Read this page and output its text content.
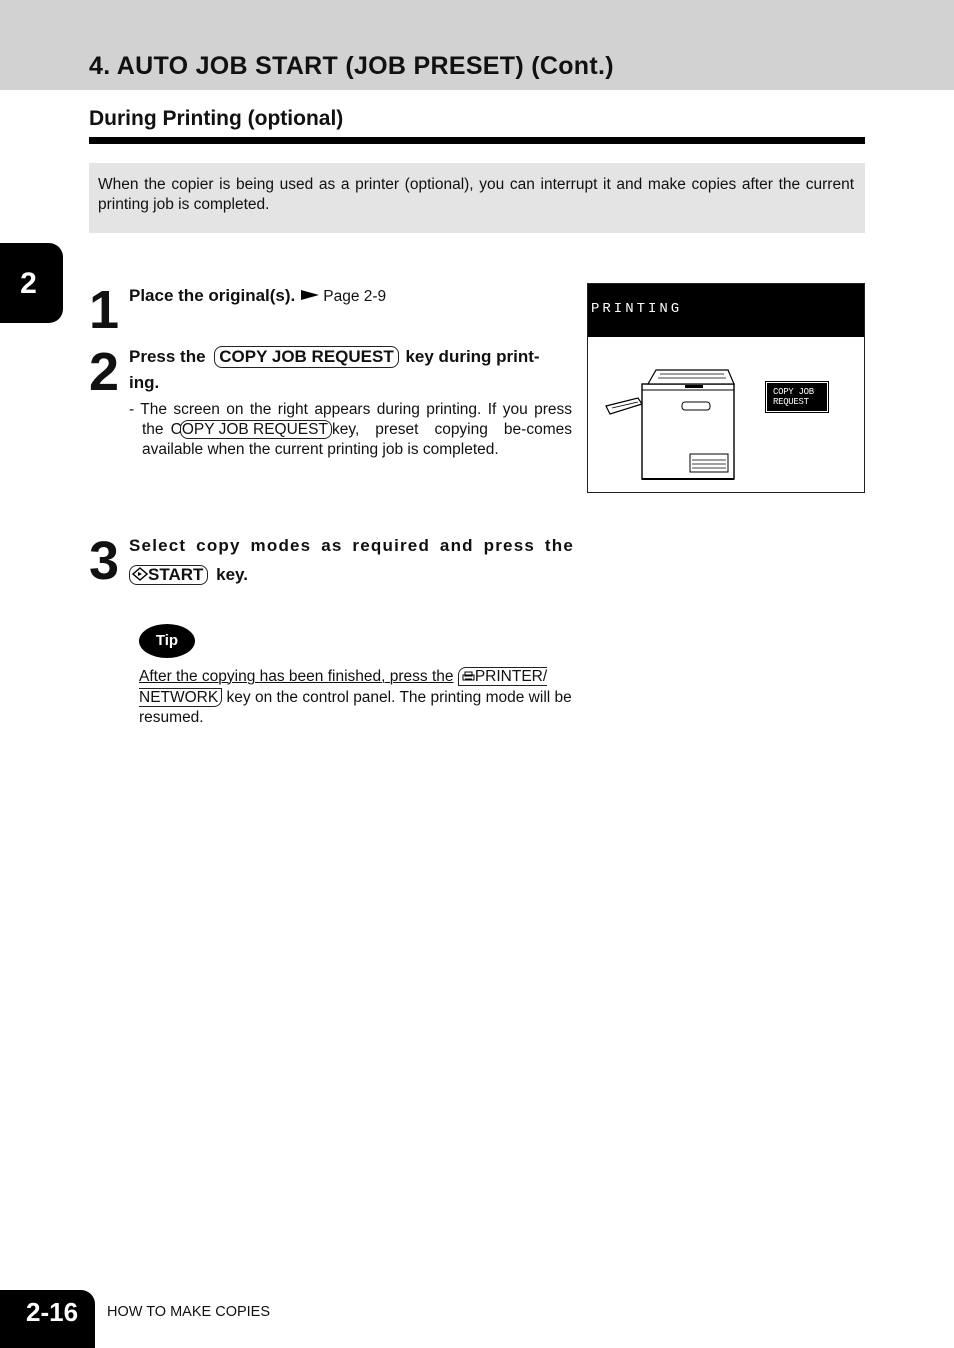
4. AUTO JOB START (JOB PRESET) (Cont.)
During Printing (optional)
When the copier is being used as a printer (optional), you can interrupt it and make copies after the current printing job is completed.
2 1 Place the original(s). Page 2-9
2 Press the COPY JOB REQUEST key during print-
ing.
- The screen on the right appears during printing. If you press the COPY JOB REQUEST key, preset copying be-comes available when the current printing job is completed.
PRINTING
COPY JOB REQUEST
3 Select copy modes as required and press the
START key.
Tip
After the copying has been finished, press the PRINTER/
NETWORK key on the control panel. The printing mode will be resumed.
2-16 HOW TO MAKE COPIES
